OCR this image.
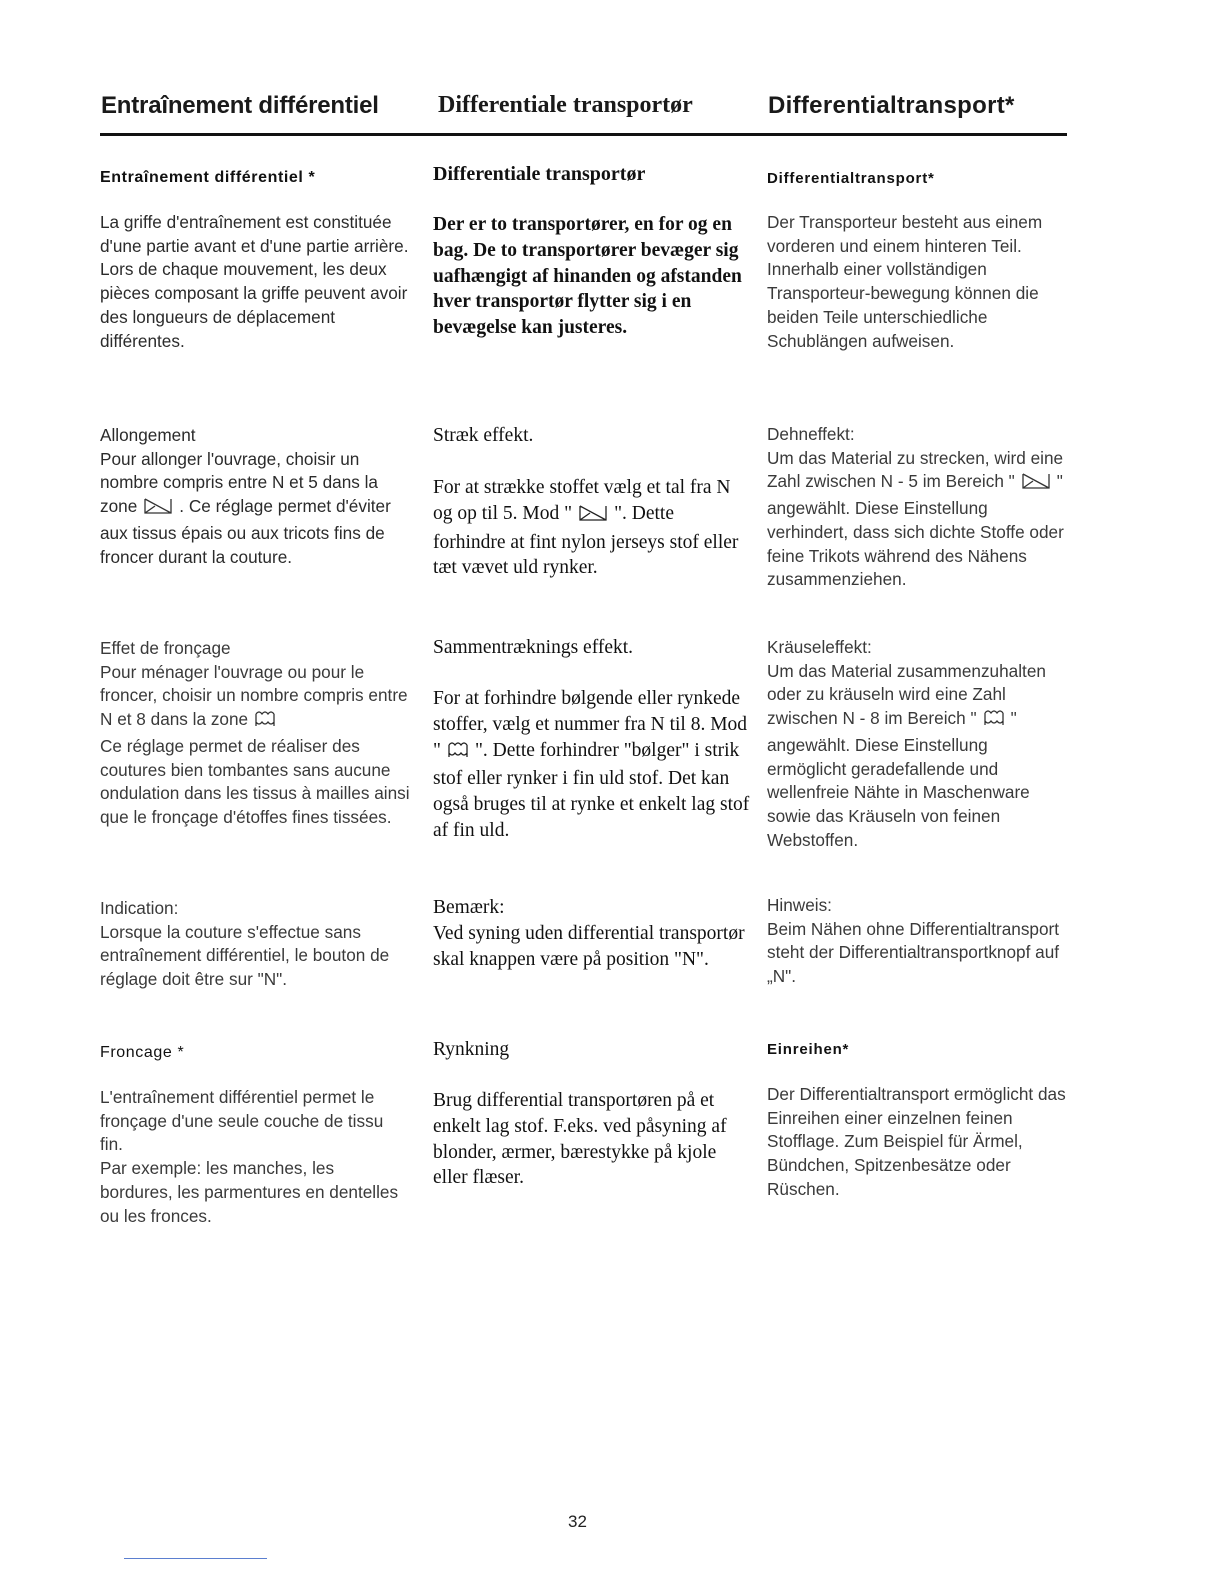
Entraînement différentiel Differentiale transportør	Differentialtransport*

Entraînement différentiel *

La griffe d'entraînement est constituée d'une partie avant et d'une partie arrière. Lors de chaque mouvement, les deux pièces composant la griffe peuvent avoir des longueurs de déplacement différentes.

Allongement
Pour allonger l'ouvrage, choisir un nombre compris entre N et 5 dans la zone . Ce réglage permet d'éviter aux tissus épais ou aux tricots fins de froncer durant la couture.

Effet de fronçage
Pour ménager l'ouvrage ou pour le froncer, choisir un nombre compris entre N et 8 dans la zone
Ce réglage permet de réaliser des coutures bien tombantes sans aucune ondulation dans les tissus à mailles ainsi que le fronçage d'étoffes fines tissées.

Indication:
Lorsque la couture s'effectue sans entraînement différentiel, le bouton de réglage doit être sur "N".

Froncage *

L'entraînement différentiel permet le fronçage d'une seule couche de tissu fin.
Par exemple: les manches, les bordures, les parmentures en dentelles ou les fronces.

Differentiale transportør

Der er to transportører, en for og en bag. De to transportører bevæger sig uafhængigt af hinanden og afstanden hver transportør flytter sig i en bevægelse kan justeres.

Stræk effekt.

For at strække stoffet vælg et tal fra N og op til 5. Mod " ". Dette forhindre at fint nylon jerseys stof eller tæt vævet uld rynker.

Sammentræknings effekt.

For at forhindre bølgende eller rynkede stoffer, vælg et nummer fra N til 8. Mod " ". Dette forhindrer "bølger" i strik stof eller rynker i fin uld stof. Det kan også bruges til at rynke et enkelt lag stof af fin uld.

Bemærk:
Ved syning uden differential transportør skal knappen være på position "N".

Rynkning

Brug differential transportøren på et enkelt lag stof. F.eks. ved påsyning af blonder, ærmer, bærestykke på kjole eller flæser.

Differentialtransport*

Der Transporteur besteht aus einem vorderen und einem hinteren Teil. Innerhalb einer vollständigen Transporteur-bewegung können die beiden Teile unterschiedliche Schublängen aufweisen.

Dehneffekt:
Um das Material zu strecken, wird eine Zahl zwischen N - 5 im Bereich " " angewählt. Diese Einstellung verhindert, dass sich dichte Stoffe oder feine Trikots während des Nähens zusammenziehen.

Kräuseleffekt:
Um das Material zusammenzuhalten oder zu kräuseln wird eine Zahl zwischen N - 8 im Bereich " " angewählt. Diese Einstellung ermöglicht geradefallende und wellenfreie Nähte in Maschenware sowie das Kräuseln von feinen Webstoffen.

Hinweis:
Beim Nähen ohne Differentialtransport steht der Differentialtransportknopf auf „N".

Einreihen*

Der Differentialtransport ermöglicht das Einreihen einer einzelnen feinen Stofflage. Zum Beispiel für Ärmel, Bündchen, Spitzenbesätze oder Rüschen.

32
